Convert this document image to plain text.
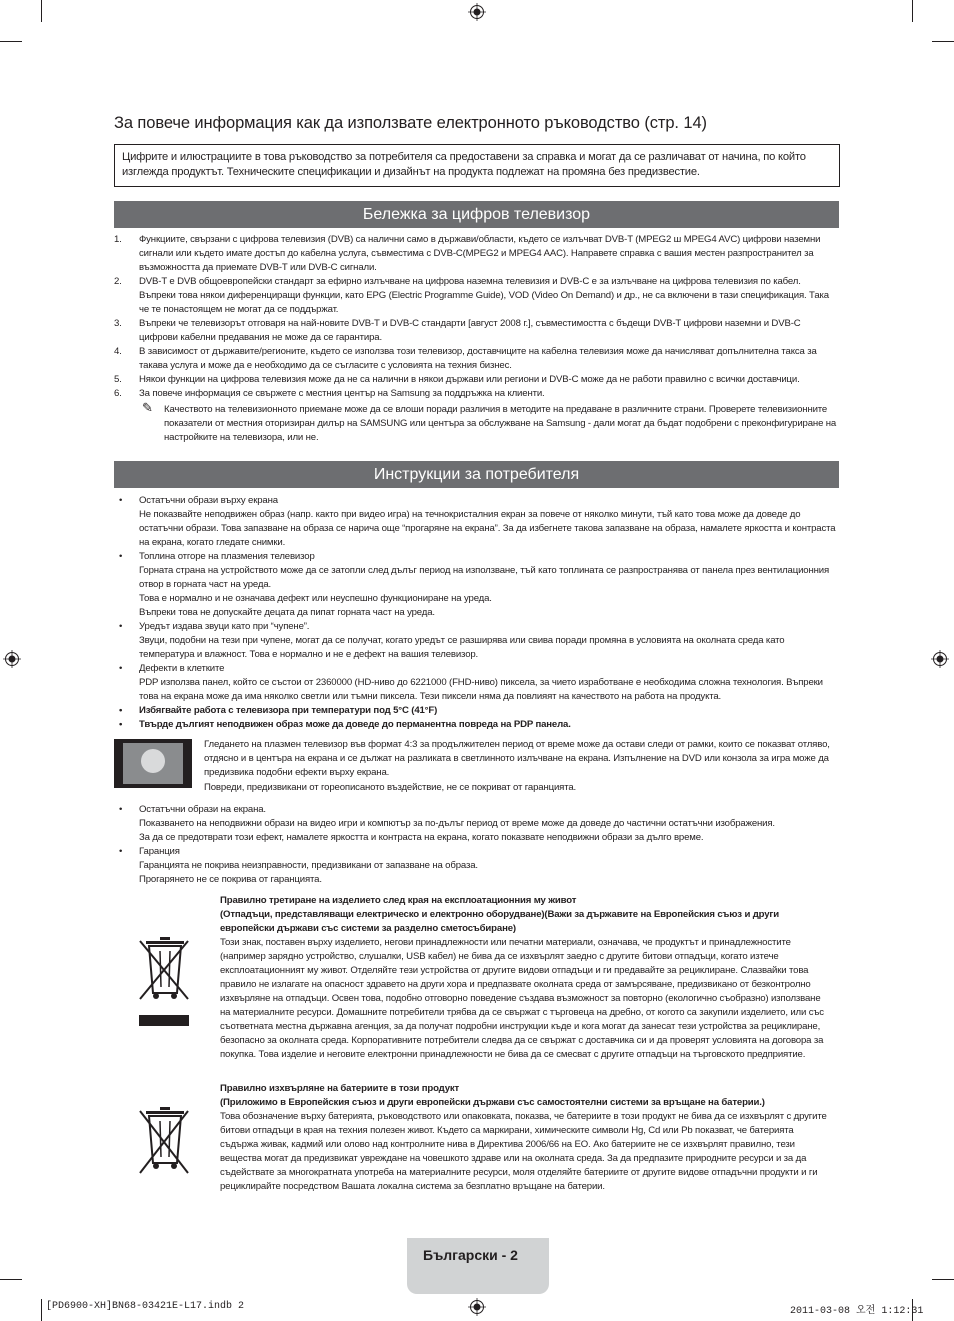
За повече информация как да използвате електронното ръководство (стр. 14)
Цифрите и илюстрациите в това ръководство за потребителя са предоставени за справка и могат да се различават от начина, по който изглежда продуктът. Техническите спецификации и дизайнът на продукта подлежат на промяна без предизвестие.
Бележка за цифров телевизор
1. Функциите, свързани с цифрова телевизия (DVB) са налични само в държави/области, където се излъчват DVB-T (MPEG2 ш MPEG4 AVC) цифрови наземни сигнали или където имате достъп до кабелна услуга, съвместима с DVB-C(MPEG2 и MPEG4 AAC). Направете справка с вашия местен разпространител за възможността да приемате DVB-T или DVB-C сигнали.
2. DVB-T е DVB общоевропейски стандарт за ефирно излъчване на цифрова наземна телевизия и DVB-C е за излъчване на цифрова телевизия по кабел. Въпреки това някои диференциращи функции, като EPG (Electric Programme Guide), VOD (Video On Demand) и др., не са включени в тази спецификация. Така че те понастоящем не могат да се поддържат.
3. Въпреки че телевизорът отговаря на най-новите DVB-T и DVB-C стандарти [август 2008 г.], съвместимостта с бъдещи DVB-T цифрови наземни и DVB-C цифрови кабелни предавания не може да се гарантира.
4. В зависимост от държавите/регионите, където се използва този телевизор, доставчиците на кабелна телевизия може да начисляват допълнителна такса за такава услуга и може да е необходимо да се съгласите с условията на техния бизнес.
5. Някои функции на цифрова телевизия може да не са налични в някои държави или региони и DVB-C може да не работи правилно с всички доставчици.
6. За повече информация се свържете с местния център на Samsung за поддръжка на клиенти.
✎ Качеството на телевизионното приемане може да се влоши поради различия в методите на предаване в различните страни. Проверете телевизионните показатели от местния оторизиран дилър на SAMSUNG или центъра за обслужване на Samsung - дали могат да бъдат подобрени с преконфигуриране на настройките на телевизора, или не.
Инструкции за потребителя
• Остатъчни образи върху екрана
Не показвайте неподвижен образ (напр. както при видео игра) на течнокристалния екран за повече от няколко минути, тъй като това може да доведе до остатъчни образи. Това запазване на образа се нарича още “прогаряне на екрана”. За да избегнете такова запазване на образа, намалете яркостта и контраста на екрана, когато гледате снимки.
• Топлина отгоре на плазмения телевизор
Горната страна на устройството може да се затопли след дълъг период на използване, тъй като топлината се разпространява от панела през вентилационния отвор в горната част на уреда.
Това е нормално и не означава дефект или неуспешно функциониране на уреда.
Въпреки това не допускайте децата да пипат горната част на уреда.
• Уредът издава звуци като при “чупене”.
Звуци, подобни на тези при чупене, могат да се получат, когато уредът се разширява или свива поради промяна в условията на околната среда като температура и влажност. Това е нормално и не е дефект на вашия телевизор.
• Дефекти в клетките
PDP използва панел, който се състои от 2360000 (HD-ниво до 6221000 (FHD-ниво) пиксела, за чието изработване е необходима сложна технология. Въпреки това на екрана може да има няколко светли или тъмни пиксела. Тези пиксели няма да повлияят на качеството на работа на продукта.
• Избягвайте работа с телевизора при температури под 5°C (41°F)
• Твърде дългият неподвижен образ може да доведе до перманентна повреда на PDP панела.
Гледането на плазмен телевизор във формат 4:3 за продължителен период от време може да остави следи от рамки, които се показват отляво, отдясно и в центъра на екрана и се дължат на разликата в светлинното излъчване на екрана. Изпълнение на DVD или конзола за игра може да предизвика подобни ефекти върху екрана.
Повреди, предизвикани от гореописаното въздействие, не се покриват от гаранцията.
• Остатъчни образи на екрана.
Показването на неподвижни образи на видео игри и компютър за по-дълъг период от време може да доведе до частични остатъчни изображения.
За да се предотврати този ефект, намалете яркостта и контраста на екрана, когато показвате неподвижни образи за дълго време.
• Гаранция
Гаранцията не покрива неизправности, предизвикани от запазване на образа.
Прогарянето не се покрива от гаранцията.
Правилно третиране на изделието след края на експлоатационния му живот
(Отпадъци, представляващи електрическо и електронно оборудване)(Важи за държавите на Европейския съюз и други европейски държави със системи за разделно сметосъбиране)
Този знак, поставен върху изделието, негови принадлежности или печатни материали, означава, че продуктът и принадлежностите (например зарядно устройство, слушалки, USB кабел) не бива да се изхвърлят заедно с другите битови отпадъци, когато изтече експлоатационният му живот. Отделяйте тези устройства от другите видови отпадъци и ги предавайте за рециклиране. Слазвайки това правило не излагате на опасност здравето на други хора и предпазвате околната среда от замърсяване, предизвикано от безконтролно изхвърляне на отпадъци. Освен това, подобно отговорно поведение създава възможност за повторно (екологично съобразно) използване на материалните ресурси. Домашните потребители трябва да се свържат с търговеца на дребно, от когото са закупили изделието, или със съответната местна държавна агенция, за да получат подробни инструкции къде и кога могат да занесат тези устройства за рециклиране, безопасно за околната среда. Корпоративните потребители следва да се свържат с доставчика си и да проверят условията на договора за покупка. Това изделие и неговите електронни принадлежности не бива да се смесват с другите отпадъци на търговското предприятие.
Правилно изхвърляне на батериите в този продукт
(Приложимо в Европейския съюз и други европейски държави със самостоятелни системи за връщане на батерии.)
Това обозначение върху батерията, ръководството или опаковката, показва, че батериите в този продукт не бива да се изхвърлят с другите битови отпадъци в края на техния полезен живот. Където са маркирани, химическите символи Hg, Cd или Pb показват, че батерията съдържа живак, кадмий или олово над контролните нива в Директива 2006/66 на ЕО. Ако батериите не се изхвърлят правилно, тези вещества могат да предизвикат увреждане на човешкото здраве или на околната среда. За да предпазите природните ресурси и за да съдействате за многократната употреба на материалните ресурси, моля отделяйте батериите от другите видове отпадъчни продукти и ги рециклирайте посредством Вашата локална система за безплатно връщане на батерии.
Български - 2
[PD6900-XH]BN68-03421E-L17.indb 2	2011-03-08 오전 1:12:31
